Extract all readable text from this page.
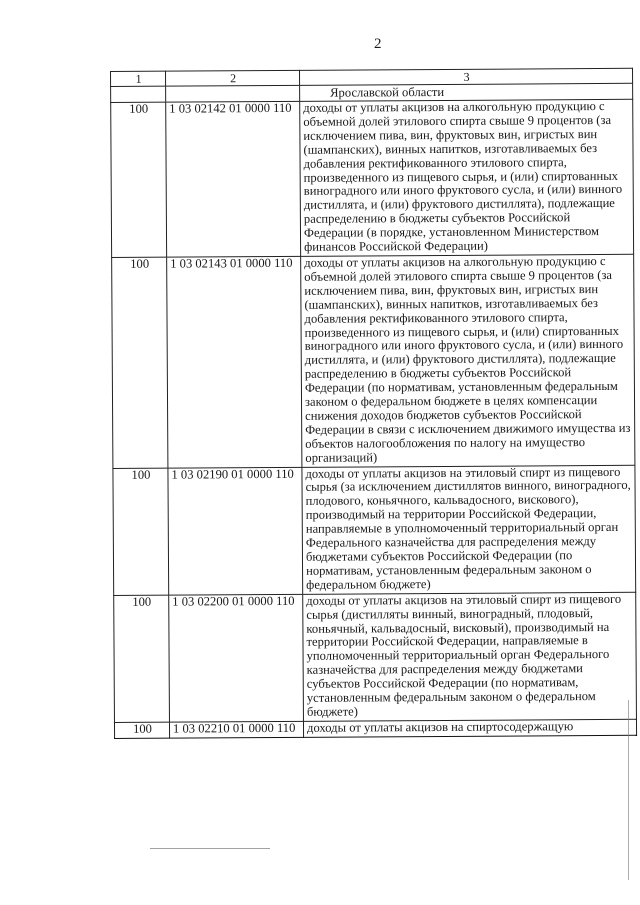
2
1	2	3
		Ярославской области
100	1 03 02142 01 0000 110	доходы от уплаты акцизов на алкогольную продукцию с объемной долей этилового спирта свыше 9 процентов (за исключением пива, вин, фруктовых вин, игристых вин (шампанских), винных напитков, изготавливаемых без добавления ректификованного этилового спирта, произведенного из пищевого сырья, и (или) спиртованных виноградного или иного фруктового сусла, и (или) винного дистиллята, и (или) фруктового дистиллята), подлежащие распределению в бюджеты субъектов Российской Федерации (в порядке, установленном Министерством финансов Российской Федерации)
100	1 03 02143 01 0000 110	доходы от уплаты акцизов на алкогольную продукцию с объемной долей этилового спирта свыше 9 процентов (за исключением пива, вин, фруктовых вин, игристых вин (шампанских), винных напитков, изготавливаемых без добавления ректификованного этилового спирта, произведенного из пищевого сырья, и (или) спиртованных виноградного или иного фруктового сусла, и (или) винного дистиллята, и (или) фруктового дистиллята), подлежащие распределению в бюджеты субъектов Российской Федерации (по нормативам, установленным федеральным законом о федеральном бюджете в целях компенсации снижения доходов бюджетов субъектов Российской Федерации в связи с исключением движимого имущества из объектов налогообложения по налогу на имущество организаций)
100	1 03 02190 01 0000 110	доходы от уплаты акцизов на этиловый спирт из пищевого сырья (за исключением дистиллятов винного, виноградного, плодового, коньячного, кальвадосного, вискового), производимый на территории Российской Федерации, направляемые в уполномоченный территориальный орган Федерального казначейства для распределения между бюджетами субъектов Российской Федерации (по нормативам, установленным федеральным законом о федеральном бюджете)
100	1 03 02200 01 0000 110	доходы от уплаты акцизов на этиловый спирт из пищевого сырья (дистилляты винный, виноградный, плодовый, коньячный, кальвадосный, висковый), производимый на территории Российской Федерации, направляемые в уполномоченный территориальный орган Федерального казначейства для распределения между бюджетами субъектов Российской Федерации (по нормативам, установленным федеральным законом о федеральном бюджете)
100	1 03 02210 01 0000 110	доходы от уплаты акцизов на спиртосодержащую
